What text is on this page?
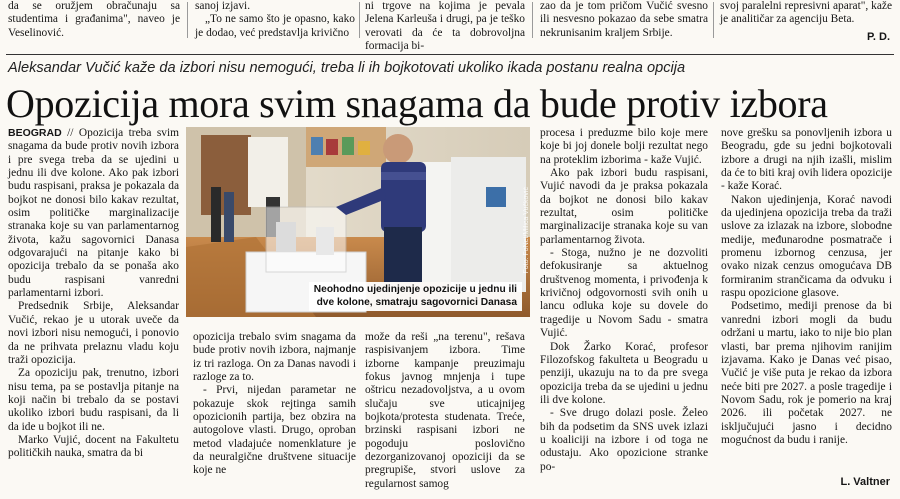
da se oružjem obračunaju sa studentima i građanima", naveo je Veselinović.
sanoj izjavi.
„To ne samo što je opasno, kako je dodao, već predstavlja krivično
ni trgove na kojima je pevala Jelena Karleuša i drugi, pa je teško verovati da će ta dobrovoljna formacija bi-
zao da je tom pričom Vučić svesno ili nesvesno pokazao da sebe smatra nekrunisanim kraljem Srbije.
svoj paralelni represivni aparat", kaže je analitičar za agenciju Beta.
P. D.
Aleksandar Vučić kaže da izbori nisu nemogući, treba li ih bojkotovati ukoliko ikada postanu realna opcija
Opozicija mora svim snagama da bude protiv izbora
Foto: FoNet/Milica Vučković
Neohodno ujedinjenje opozicije u jednu ili
dve kolone, smatraju sagovornici Danasa

BEOGRAD // Opozicija treba svim snagama da bude protiv novih izbora i pre svega treba da se ujedini u jednu ili dve kolone. Ako pak izbori budu raspisani, praksa je pokazala da bojkot ne donosi bilo kakav rezultat, osim političke marginalizacije stranaka koje su van parlamentarnog života, kažu sagovornici Danasa odgovarajući na pitanje kako bi opozicija trebalo da se ponaša ako budu raspisani vanredni parlamentarni izbori.

Predsednik Srbije, Aleksandar Vučić, rekao je u utorak uveče da novi izbori nisu nemogući, i ponovio da ne prihvata prelaznu vladu koju traži opozicija.

Za opoziciju pak, trenutno, izbori nisu tema, pa se postavlja pitanje na koji način bi trebalo da se postavi ukoliko izbori budu raspisani, da li da ide u bojkot ili ne.

Marko Vujić, docent na Fakultetu političkih nauka, smatra da bi

opozicija trebalo svim snagama da bude protiv novih izbora, najmanje iz tri razloga. On za Danas navodi i razloge za to.

- Prvi, nijedan parametar ne pokazuje skok rejtinga samih opozicionih partija, bez obzira na autogolove vlasti. Drugo, oproban metod vladajuće nomenklature je da neuralgične društvene situacije koje ne

može da reši „na terenu", rešava raspisivanjem izbora. Time izborne kampanje preuzimaju fokus javnog mnjenja i tupe oštricu nezadovoljstva, a u ovom slučaju sve uticajnijeg bojkota/protesta studenata. Treće, brzinski raspisani izbori ne pogoduju poslovično dezorganizovanoj opoziciji da se pregrupiše, stvori uslove za regularnost samog

procesa i preduzme bilo koje mere koje bi joj donele bolji rezultat nego na proteklim izborima - kaže Vujić.

Ako pak izbori budu raspisani, Vujić navodi da je praksa pokazala da bojkot ne donosi bilo kakav rezultat, osim političke marginalizacije stranaka koje su van parlamentarnog života.

- Stoga, nužno je ne dozvoliti defokusiranje sa aktuelnog društvenog momenta, i privođenja k krivičnoj odgovornosti svih onih u lancu odluka koje su dovele do tragedije u Novom Sadu - smatra Vujić.

Dok Žarko Korać, profesor Filozofskog fakulteta u Beogradu u penziji, ukazuju na to da pre svega opozicija treba da se ujedini u jednu ili dve kolone.

- Sve drugo dolazi posle. Želeo bih da podsetim da SNS uvek izlazi u koaliciji na izbore i od toga ne odustaju. Ako opozicione stranke po-

nove grešku sa ponovljenih izbora u Beogradu, gde su jedni bojkotovali izbore a drugi na njih izašli, mislim da će to biti kraj ovih lidera opozicije - kaže Korać.

Nakon ujedinjenja, Korać navodi da ujedinjena opozicija treba da traži uslove za izlazak na izbore, slobodne medije, međunarodne posmatrače i promenu izbornog cenzusa, jer ovako nizak cenzus omogućava DB formiranim strančicama da odvuku i raspu opozicione glasove.

Podsetimo, mediji prenose da bi vanredni izbori mogli da budu održani u martu, iako to nije bio plan vlasti, bar prema njihovim ranijim izjavama. Kako je Danas već pisao, Vučić je više puta je rekao da izbora neće biti pre 2027. a posle tragedije i Novom Sadu, rok je pomerio na kraj 2026. ili početak 2027. ne isključujući jasno i decidno mogućnost da budu i ranije.

L. Valtner
